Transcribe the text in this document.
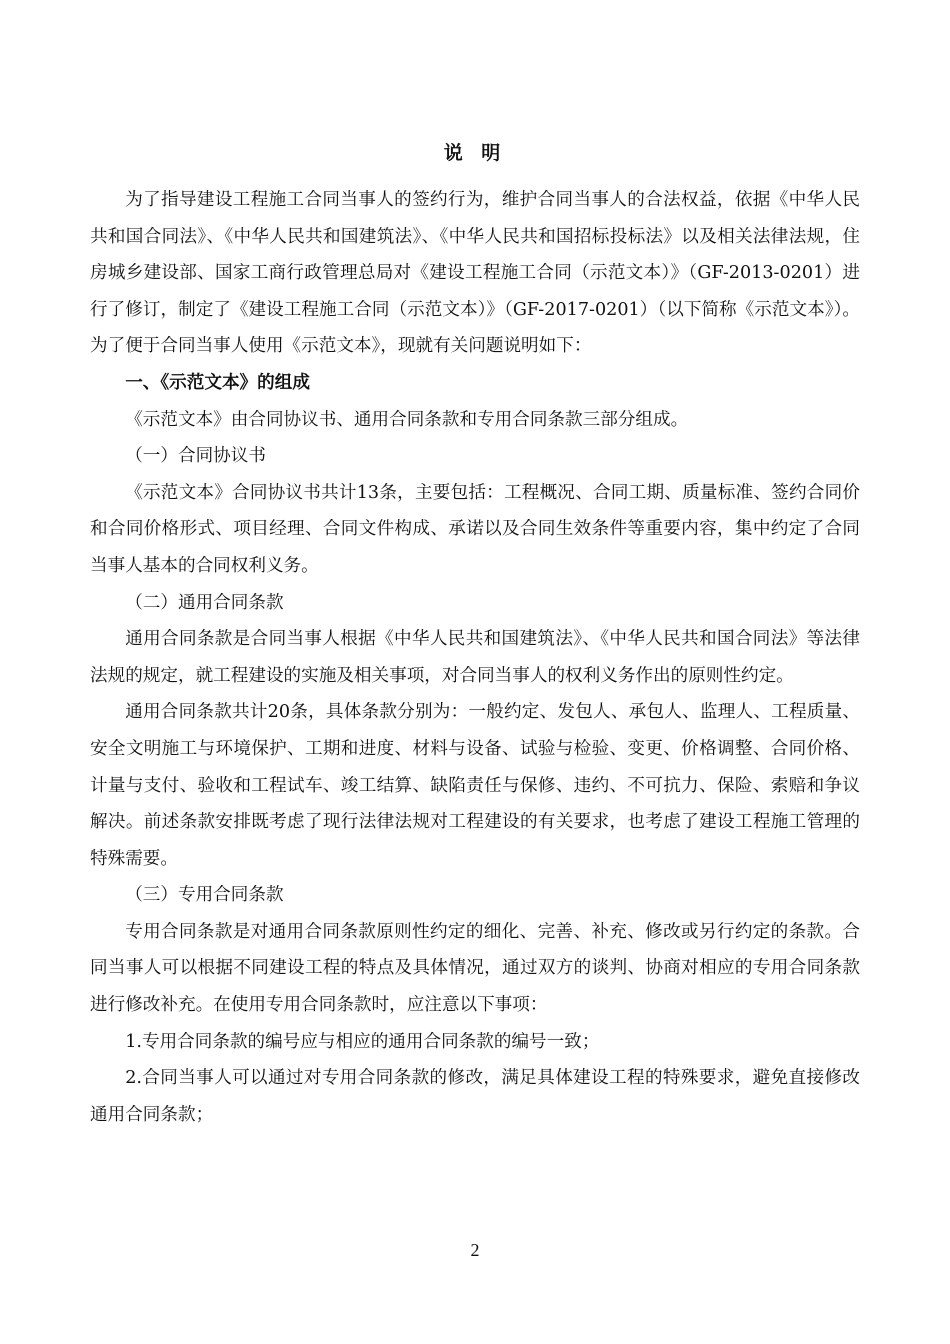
说 明

为了指导建设工程施工合同当事人的签约行为，维护合同当事人的合法权益，依据《中华人民共和国合同法》、《中华人民共和国建筑法》、《中华人民共和国招标投标法》以及相关法律法规，住房城乡建设部、国家工商行政管理总局对《建设工程施工合同（示范文本）》（GF-2013-0201）进行了修订，制定了《建设工程施工合同（示范文本）》（GF-2017-0201）（以下简称《示范文本》）。为了便于合同当事人使用《示范文本》，现就有关问题说明如下：

一、《示范文本》的组成

《示范文本》由合同协议书、通用合同条款和专用合同条款三部分组成。

（一）合同协议书

《示范文本》合同协议书共计13条，主要包括：工程概况、合同工期、质量标准、签约合同价和合同价格形式、项目经理、合同文件构成、承诺以及合同生效条件等重要内容，集中约定了合同当事人基本的合同权利义务。

（二）通用合同条款

通用合同条款是合同当事人根据《中华人民共和国建筑法》、《中华人民共和国合同法》等法律法规的规定，就工程建设的实施及相关事项，对合同当事人的权利义务作出的原则性约定。

通用合同条款共计20条，具体条款分别为：一般约定、发包人、承包人、监理人、工程质量、安全文明施工与环境保护、工期和进度、材料与设备、试验与检验、变更、价格调整、合同价格、计量与支付、验收和工程试车、竣工结算、缺陷责任与保修、违约、不可抗力、保险、索赔和争议解决。前述条款安排既考虑了现行法律法规对工程建设的有关要求，也考虑了建设工程施工管理的特殊需要。

（三）专用合同条款

专用合同条款是对通用合同条款原则性约定的细化、完善、补充、修改或另行约定的条款。合同当事人可以根据不同建设工程的特点及具体情况，通过双方的谈判、协商对相应的专用合同条款进行修改补充。在使用专用合同条款时，应注意以下事项：

1.专用合同条款的编号应与相应的通用合同条款的编号一致；

2.合同当事人可以通过对专用合同条款的修改，满足具体建设工程的特殊要求，避免直接修改通用合同条款；

2
